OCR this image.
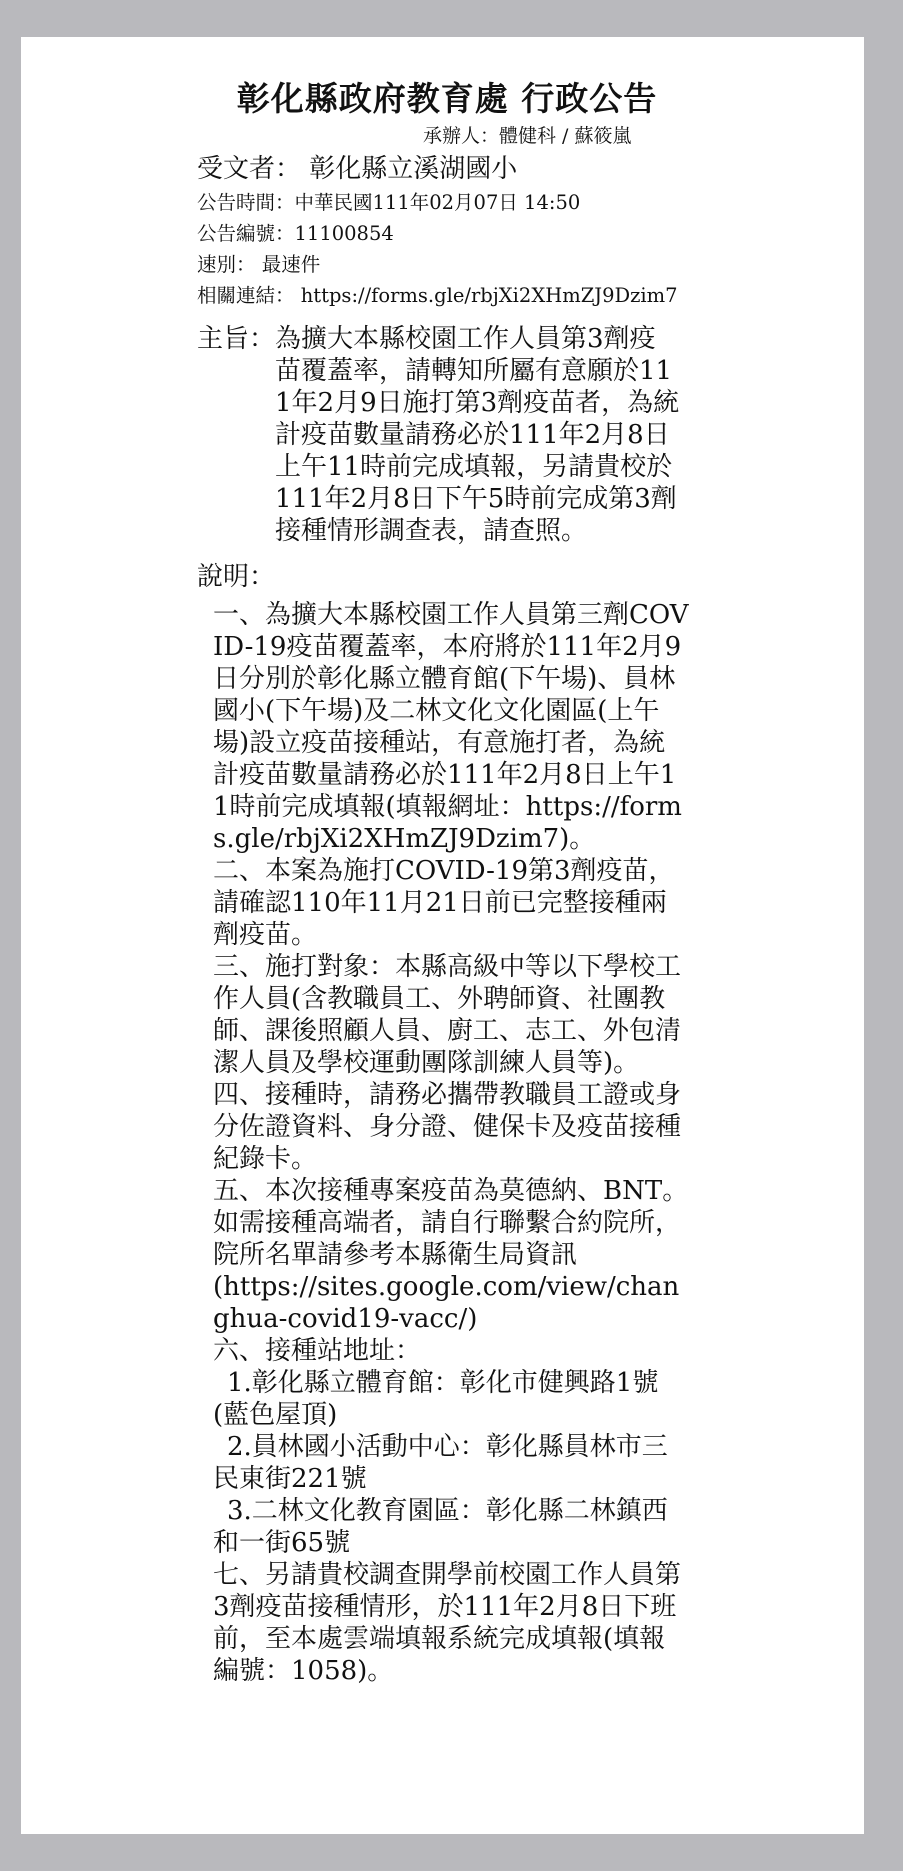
彰化縣政府教育處 行政公告
承辦人：體健科 / 蘇筱嵐
受文者： 彰化縣立溪湖國小
公告時間：中華民國111年02月07日 14:50
公告編號：11100854
速別： 最速件
相關連結： https://forms.gle/rbjXi2XHmZJ9Dzim7
主旨： 為擴大本縣校園工作人員第3劑疫苗覆蓋率，請轉知所屬有意願於111年2月9日施打第3劑疫苗者，為統計疫苗數量請務必於111年2月8日上午11時前完成填報，另請貴校於111年2月8日下午5時前完成第3劑接種情形調查表，請查照。
說明：
一、為擴大本縣校園工作人員第三劑COVID-19疫苗覆蓋率，本府將於111年2月9日分別於彰化縣立體育館(下午場)、員林國小(下午場)及二林文化文化園區(上午場)設立疫苗接種站，有意施打者，為統計疫苗數量請務必於111年2月8日上午11時前完成填報(填報網址：https://forms.gle/rbjXi2XHmZJ9Dzim7)。
二、本案為施打COVID-19第3劑疫苗，請確認110年11月21日前已完整接種兩劑疫苗。
三、施打對象：本縣高級中等以下學校工作人員(含教職員工、外聘師資、社團教師、課後照顧人員、廚工、志工、外包清潔人員及學校運動團隊訓練人員等)。
四、接種時，請務必攜帶教職員工證或身分佐證資料、身分證、健保卡及疫苗接種紀錄卡。
五、本次接種專案疫苗為莫德納、BNT。如需接種高端者，請自行聯繫合約院所，院所名單請參考本縣衛生局資訊
(https://sites.google.com/view/changhua-covid19-vacc/)
六、接種站地址：
1.彰化縣立體育館：彰化市健興路1號(藍色屋頂)
2.員林國小活動中心：彰化縣員林市三民東街221號
3.二林文化教育園區：彰化縣二林鎮西和一街65號
七、另請貴校調查開學前校園工作人員第3劑疫苗接種情形，於111年2月8日下班前，至本處雲端填報系統完成填報(填報編號：1058)。
